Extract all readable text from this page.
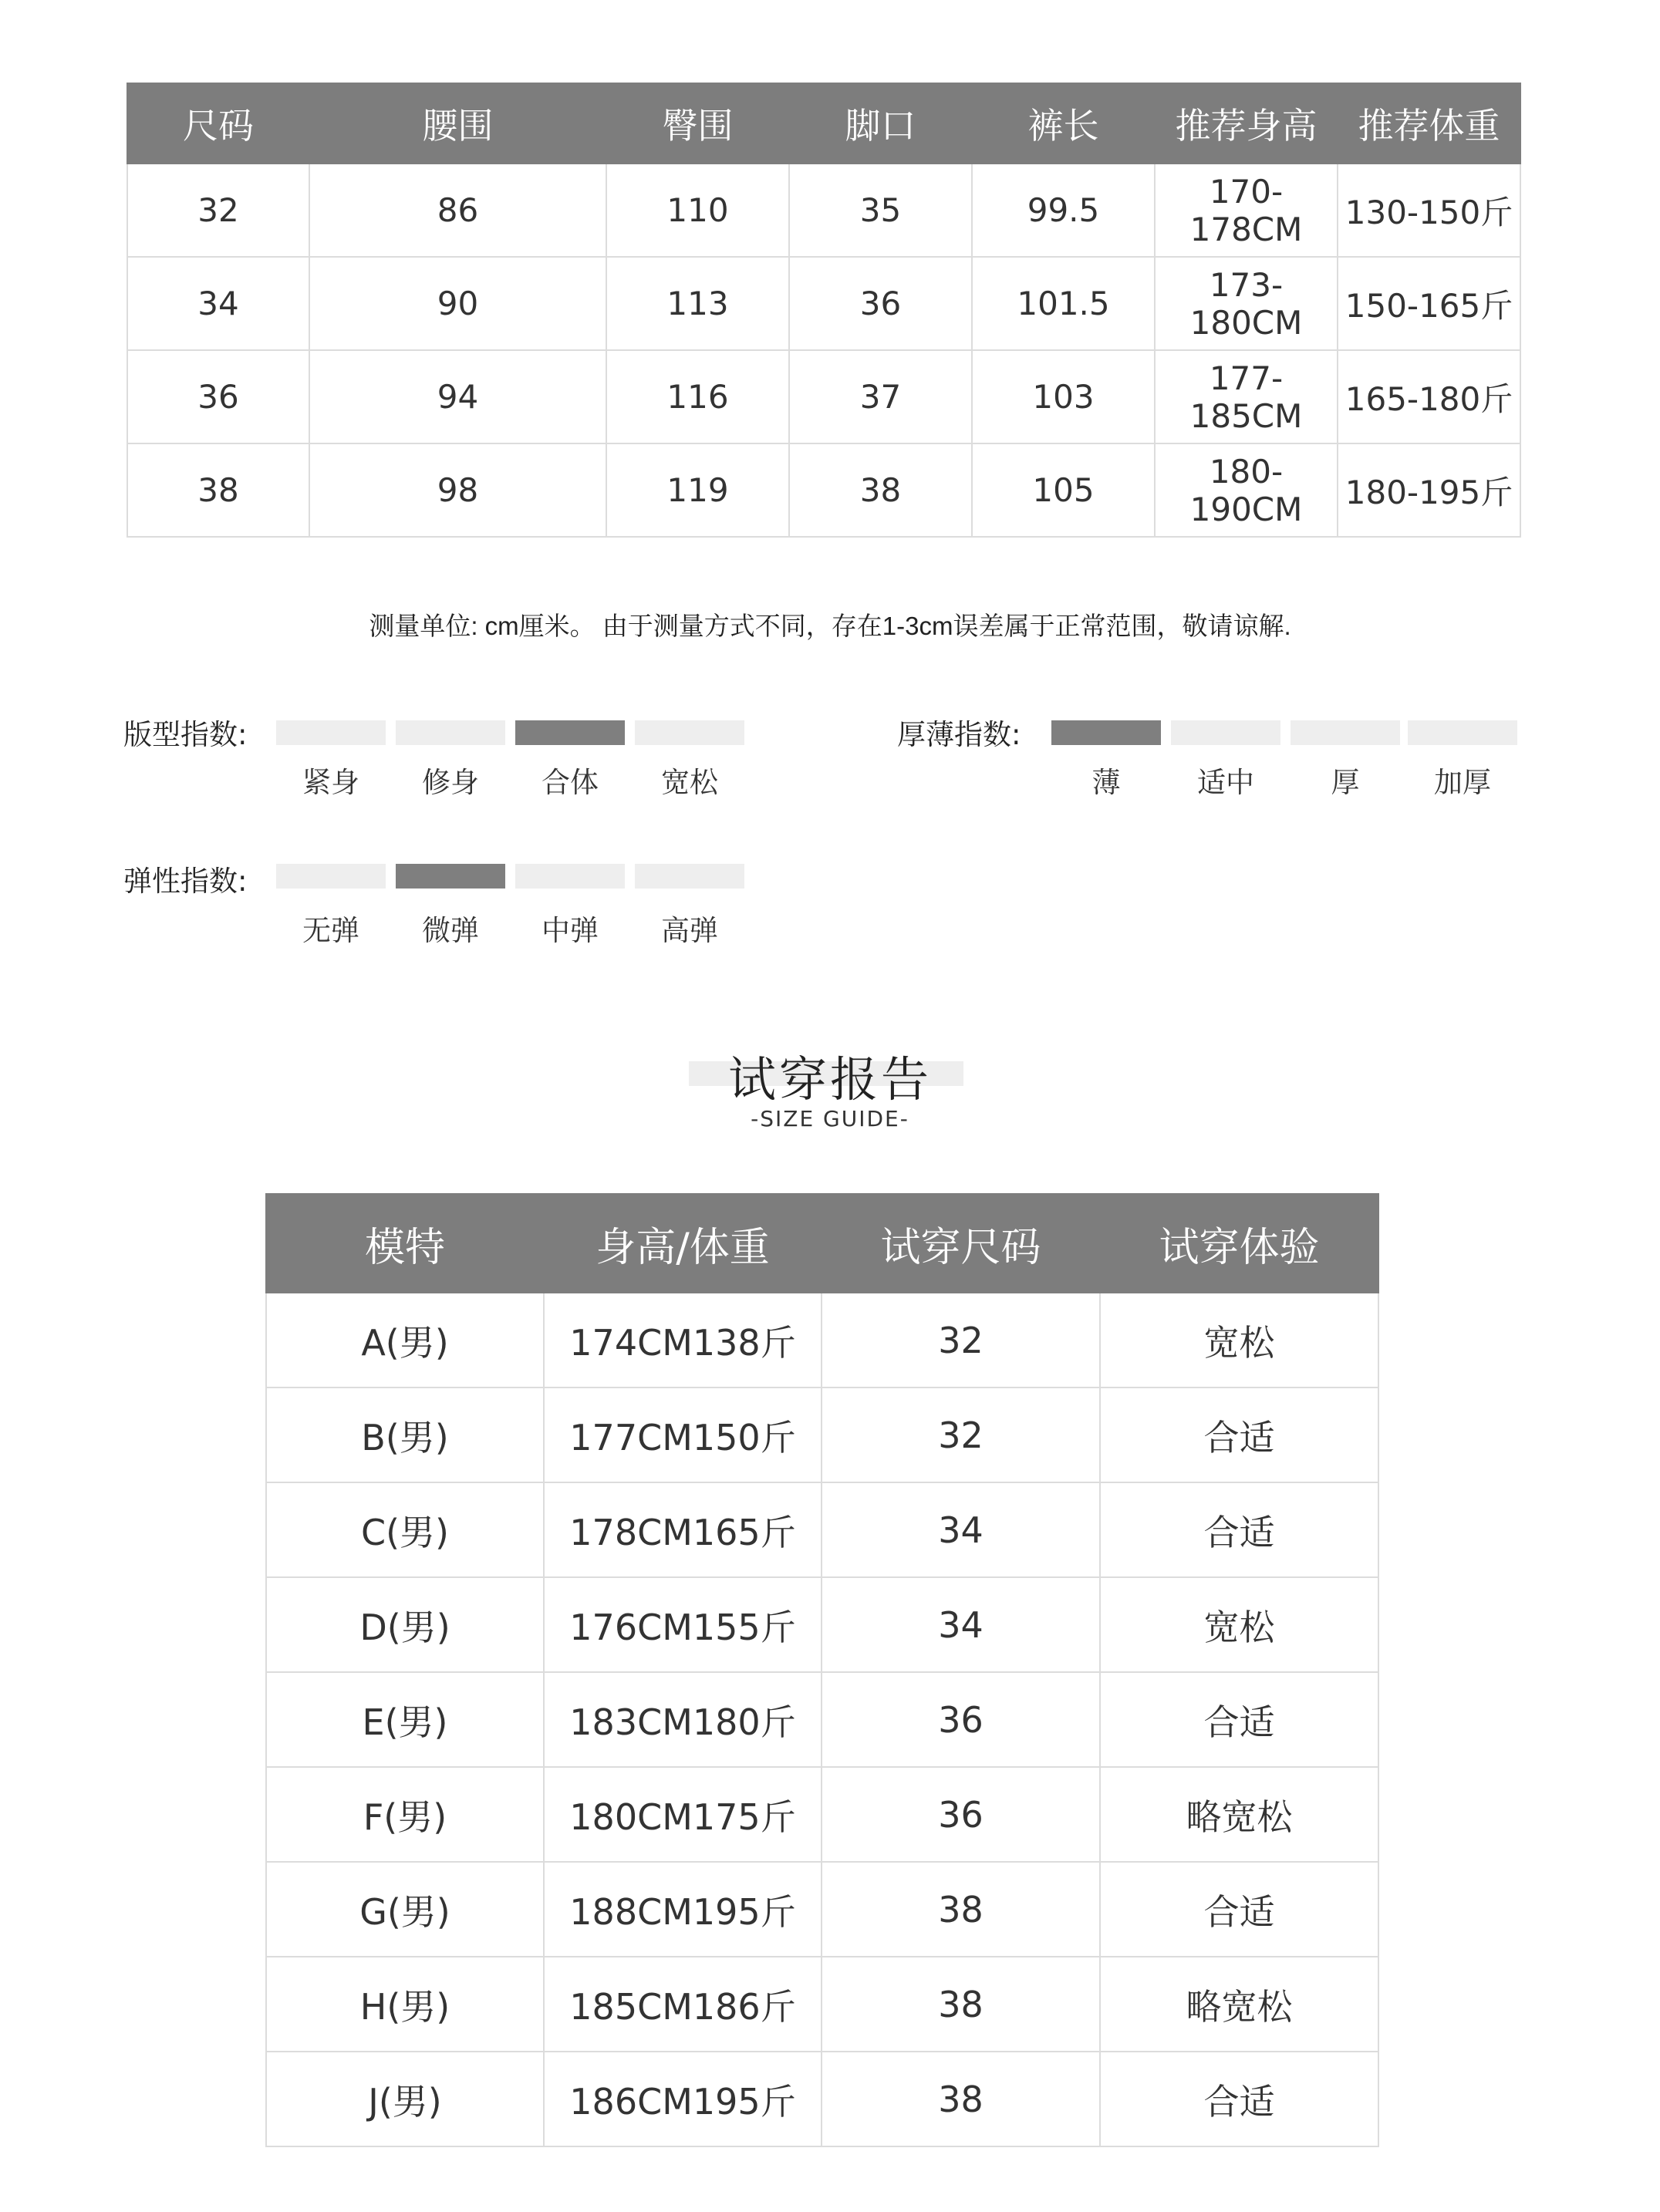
尺码	腰围	臀围	脚口	裤长	推荐身高	推荐体重
32	86	110	35	99.5	170-178CM	130-150斤
34	90	113	36	101.5	173-180CM	150-165斤
36	94	116	37	103	177-185CM	165-180斤
38	98	119	38	105	180-190CM	180-195斤
测量单位: cm厘米。 由于测量方式不同，存在1-3cm误差属于正常范围，敬请谅解.
版型指数:
紧身	修身	合体	宽松
厚薄指数:
薄	适中	厚	加厚
弹性指数:
无弹	微弹	中弹	高弹
试穿报告
-SIZE GUIDE-
模特	身高/体重	试穿尺码	试穿体验
A(男)	174CM138斤	32	宽松
B(男)	177CM150斤	32	合适
C(男)	178CM165斤	34	合适
D(男)	176CM155斤	34	宽松
E(男)	183CM180斤	36	合适
F(男)	180CM175斤	36	略宽松
G(男)	188CM195斤	38	合适
H(男)	185CM186斤	38	略宽松
J(男)	186CM195斤	38	合适
